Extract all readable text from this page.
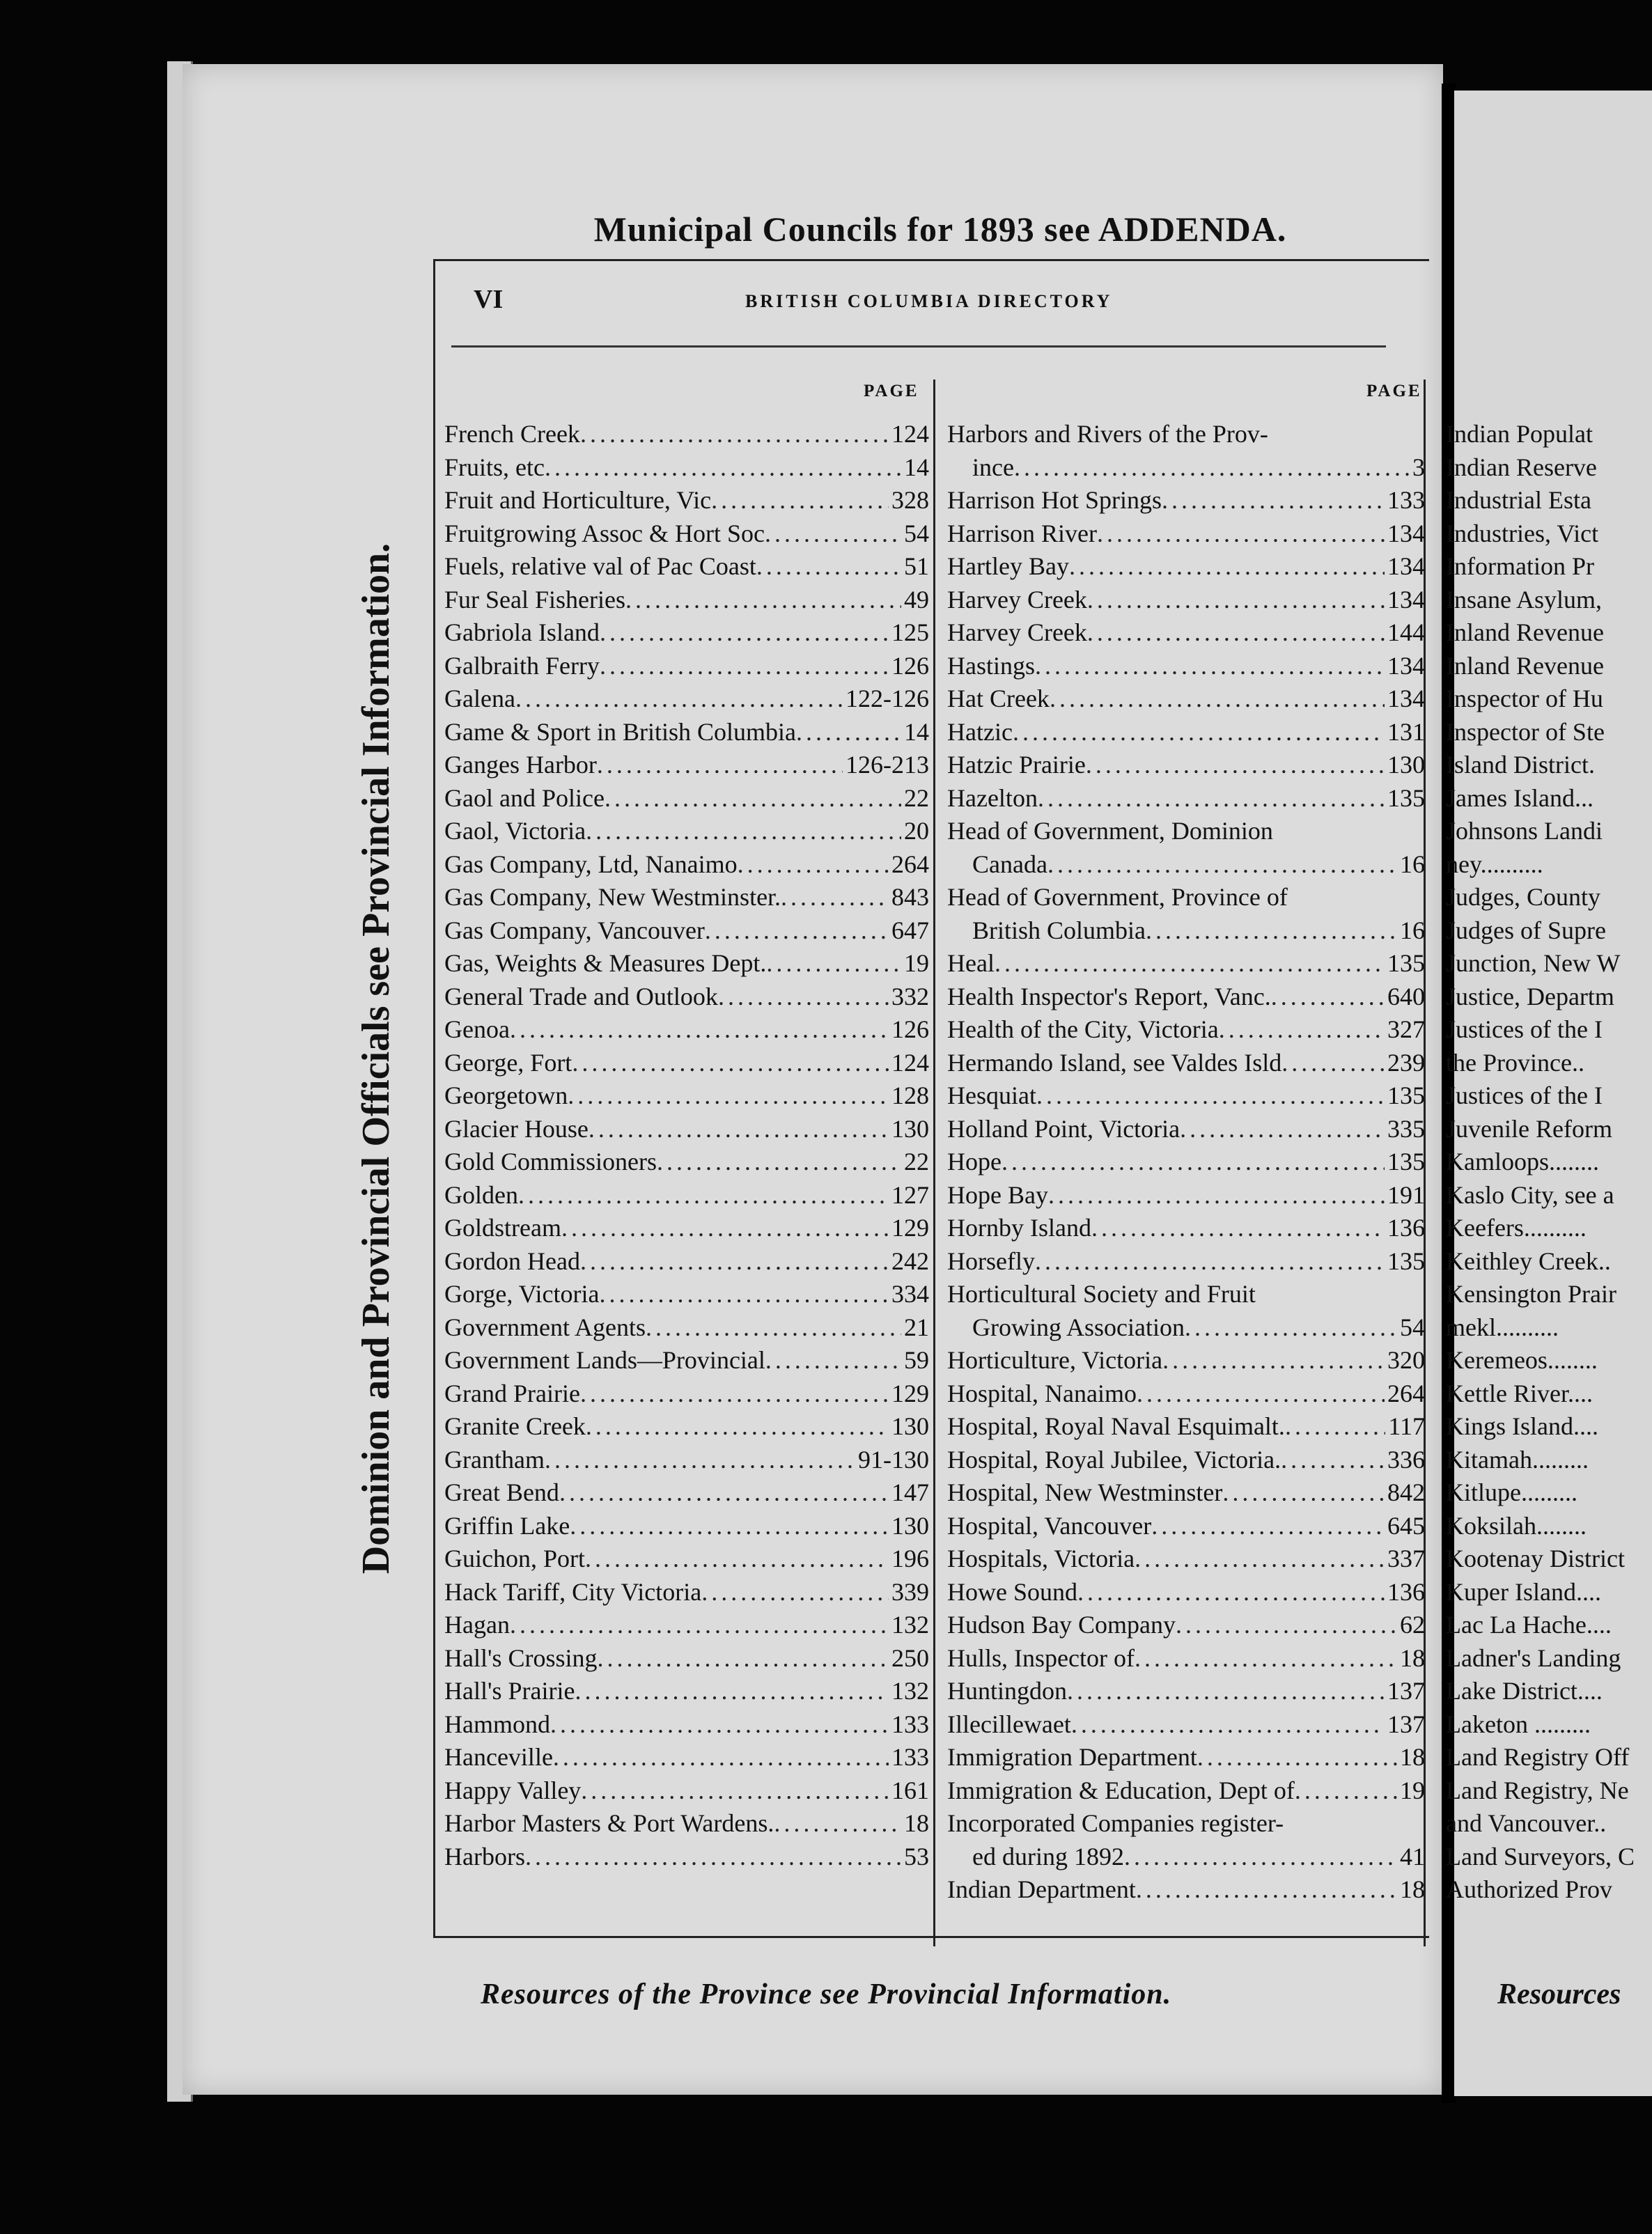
Municipal Councils for 1893 see ADDENDA.
VI	BRITISH COLUMBIA DIRECTORY
PAGE	PAGE
Dominion and Provincial Officials see Provincial Information.
French Creek .....	124
Fruits, etc .....	14
Fruit and Horticulture, Vic .....	328
Fruitgrowing Assoc & Hort Soc .....	54
Fuels, relative val of Pac Coast .....	51
Fur Seal Fisheries .....	49
Gabriola Island .....	125
Galbraith Ferry .....	126
Galena .....	122-126
Game & Sport in British Columbia .....	14
Ganges Harbor .....	126-213
Gaol and Police .....	22
Gaol, Victoria .....	20
Gas Company, Ltd, Nanaimo .....	264
Gas Company, New Westminster. .....	843
Gas Company, Vancouver .....	647
Gas, Weights & Measures Dept. .....	19
General Trade and Outlook .....	332
Genoa .....	126
George, Fort .....	124
Georgetown .....	128
Glacier House .....	130
Gold Commissioners .....	22
Golden .....	127
Goldstream .....	129
Gordon Head .....	242
Gorge, Victoria .....	334
Government Agents .....	21
Government Lands—Provincial .....	59
Grand Prairie .....	129
Granite Creek .....	130
Grantham .....	91-130
Great Bend .....	147
Griffin Lake .....	130
Guichon, Port .....	196
Hack Tariff, City Victoria .....	339
Hagan .....	132
Hall's Crossing .....	250
Hall's Prairie .....	132
Hammond .....	133
Hanceville .....	133
Happy Valley .....	161
Harbor Masters & Port Wardens. .....	18
Harbors .....	53
Harbors and Rivers of the Prov-
ince .....	3
Harrison Hot Springs .....	133
Harrison River .....	134
Hartley Bay .....	134
Harvey Creek .....	134
Harvey Creek .....	144
Hastings .....	134
Hat Creek .....	134
Hatzic .....	131
Hatzic Prairie .....	130
Hazelton .....	135
Head of Government, Dominion
Canada .....	16
Head of Government, Province of
British Columbia .....	16
Heal .....	135
Health Inspector's Report, Vanc. .....	640
Health of the City, Victoria .....	327
Hermando Island, see Valdes Isld .....	239
Hesquiat .....	135
Holland Point, Victoria .....	335
Hope .....	135
Hope Bay .....	191
Hornby Island .....	136
Horsefly .....	135
Horticultural Society and Fruit
Growing Association .....	54
Horticulture, Victoria .....	320
Hospital, Nanaimo .....	264
Hospital, Royal Naval Esquimalt. .....	117
Hospital, Royal Jubilee, Victoria. .....	336
Hospital, New Westminster .....	842
Hospital, Vancouver .....	645
Hospitals, Victoria .....	337
Howe Sound .....	136
Hudson Bay Company .....	62
Hulls, Inspector of .....	18
Huntingdon .....	137
Illecillewaet .....	137
Immigration Department .....	18
Immigration & Education, Dept of .....	19
Incorporated Companies register-
ed during 1892 .....	41
Indian Department .....	18
Indian Populat
Indian Reserve
Industrial Esta
Industries, Vict
Information Pr
Insane Asylum,
Inland Revenue
Inland Revenue
Inspector of Hu
Inspector of Ste
Island District.
James Island...
Johnsons Landi
ney..........
Judges, County
Judges of Supre
Junction, New W
Justice, Departm
Justices of the I
the Province..
Justices of the I
Juvenile Reform
Kamloops........
Kaslo City, see a
Keefers..........
Keithley Creek..
Kensington Prair
mekl..........
Keremeos........
Kettle River....
Kings Island....
Kitamah.........
Kitlupe.........
Koksilah........
Kootenay District
Kuper Island....
Lac La Hache....
Ladner's Landing
Lake District....
Laketon .........
Land Registry Off
Land Registry, Ne
and Vancouver..
Land Surveyors, C
Authorized Prov
Resources of the Province see Provincial Information.	Resources
